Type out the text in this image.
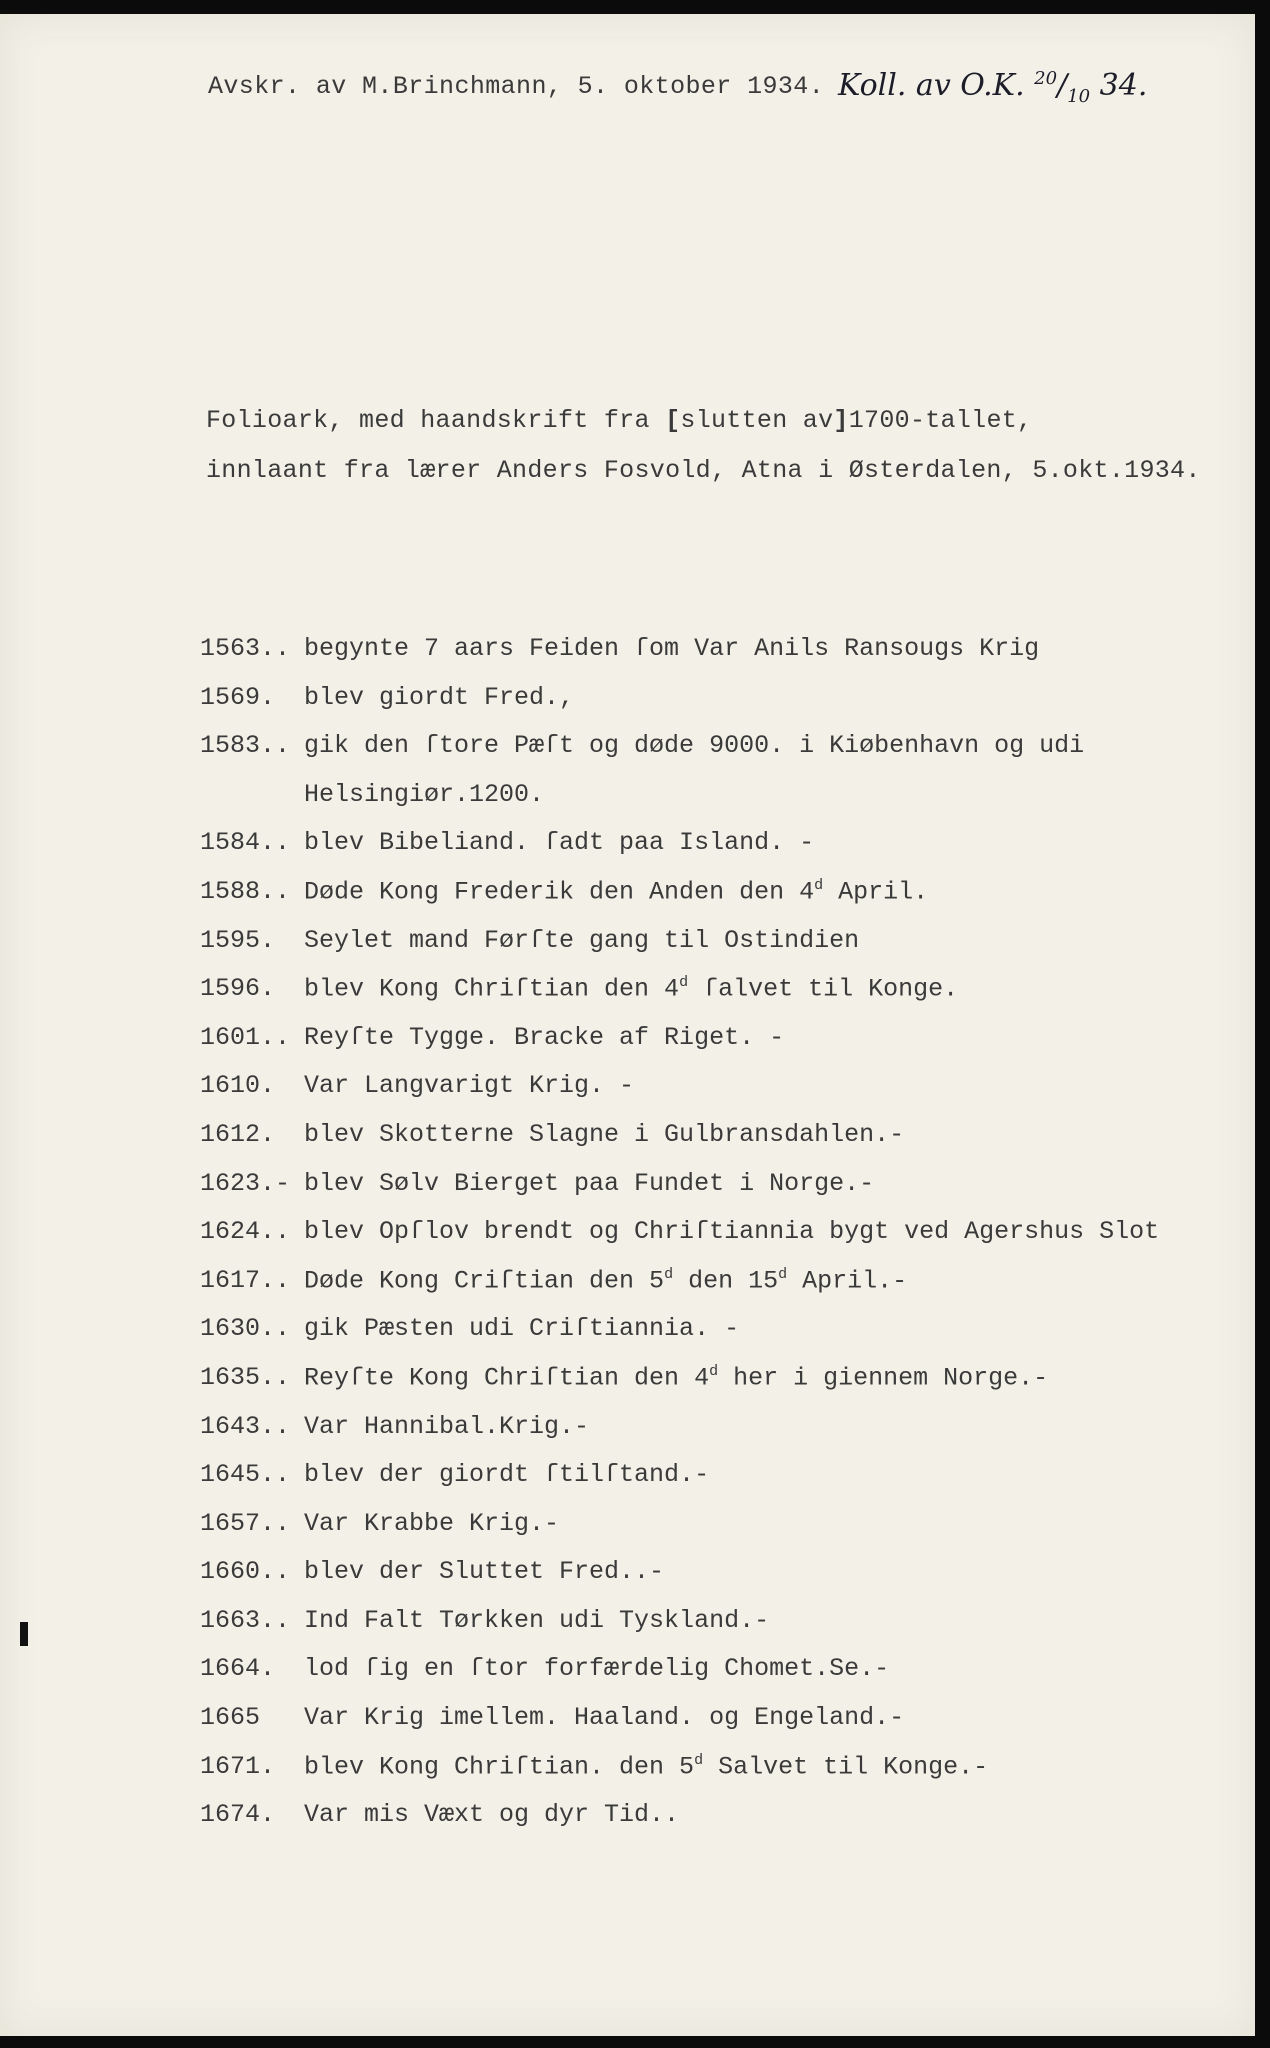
Avskr. av M.Brinchmann, 5. oktober 1934. Koll. av O.K. $^{20}/_{10}$ 34.
Folioark, med haandskrift fra [slutten av]1700-tallet,
innlaant fra lærer Anders Fosvold, Atna i Østerdalen, 5.okt.1934.
1563.. begynte 7 aars Feiden ſom Var Anils Ransougs Krig
1569. blev giordt Fred.,
1583.. gik den ſtore Pæſt og døde 9000. i Kiøbenhavn og udi
Helsingiør.1200.
1584.. blev Bibeliand. ſadt paa Island. -
1588.. Døde Kong Frederik den Anden den 4$^d$ April.
1595. Seylet mand Førſte gang til Ostindien
1596. blev Kong Chriſtian den 4$^d$ ſalvet til Konge.
1601.. Reyſte Tygge. Bracke af Riget. -
1610. Var Langvarigt Krig. -
1612. blev Skotterne Slagne i Gulbransdahlen.-
1623.- blev Sølv Bierget paa Fundet i Norge.-
1624.. blev Opſlov brendt og Chriſtiannia bygt ved Agershus Slot
1617.. Døde Kong Criſtian den 5$^d$ den 15$^d$ April.-
1630.. gik Pæsten udi Criſtiannia. -
1635.. Reyſte Kong Chriſtian den 4$^d$ her i giennem Norge.-
1643.. Var Hannibal.Krig.-
1645.. blev der giordt ſtilſtand.-
1657.. Var Krabbe Krig.-
1660.. blev der Sluttet Fred..-
1663.. Ind Falt Tørkken udi Tyskland.-
1664. lod ſig en ſtor forfærdelig Chomet.Se.-
1665 Var Krig imellem. Haaland. og Engeland.-
1671. blev Kong Chriſtian. den 5$^d$ Salvet til Konge.-
1674. Var mis Væxt og dyr Tid..
